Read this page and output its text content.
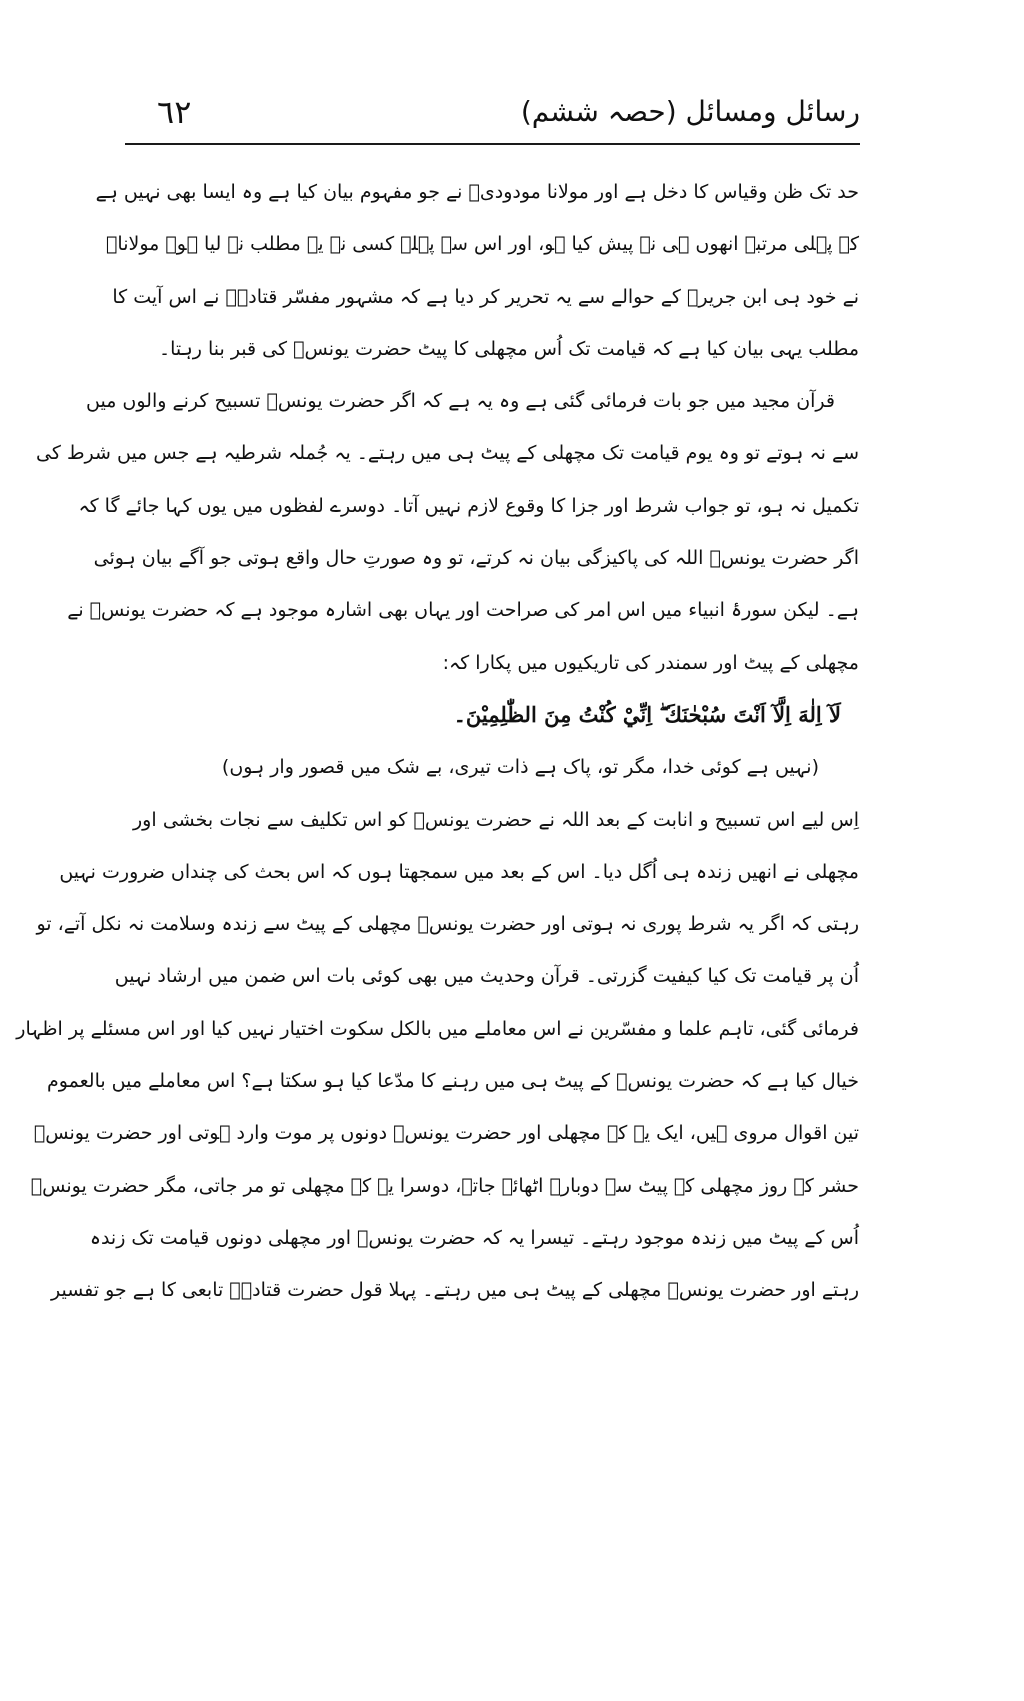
رسائل ومسائل (حصہ ششم)
٦٢
حد تک ظن وقیاس کا دخل ہے اور مولانا مودودیؒ نے جو مفہوم بیان کیا ہے وہ ایسا بھی نہیں ہے
کہ پہلی مرتبہ انھوں ہی نے پیش کیا ہو، اور اس سے پہلے کسی نے یہ مطلب نہ لیا ہو۔ مولاناؒ
نے خود ہی ابن جریرؒ کے حوالے سے یہ تحریر کر دیا ہے کہ مشہور مفسّر قتادہؒ نے اس آیت کا
مطلب یہی بیان کیا ہے کہ قیامت تک اُس مچھلی کا پیٹ حضرت یونسؑ کی قبر بنا رہتا۔
قرآن مجید میں جو بات فرمائی گئی ہے وہ یہ ہے کہ اگر حضرت یونسؑ تسبیح کرنے والوں میں
سے نہ ہوتے تو وہ یوم قیامت تک مچھلی کے پیٹ ہی میں رہتے۔ یہ جُملہ شرطیہ ہے جس میں شرط کی
تکمیل نہ ہو، تو جواب شرط اور جزا کا وقوع لازم نہیں آتا۔ دوسرے لفظوں میں یوں کہا جائے گا کہ
اگر حضرت یونسؑ اللہ کی پاکیزگی بیان نہ کرتے، تو وہ صورتِ حال واقع ہوتی جو آگے بیان ہوئی
ہے۔ لیکن سورۂ انبیاء میں اس امر کی صراحت اور یہاں بھی اشارہ موجود ہے کہ حضرت یونسؑ نے
مچھلی کے پیٹ اور سمندر کی تاریکیوں میں پکارا کہ:
لَآ اِلٰهَ اِلَّآ اَنْتَ سُبْحٰنَكَ ۖ اِنِّيْ كُنْتُ مِنَ الظّٰلِمِيْنَ۔
(نہیں ہے کوئی خدا، مگر تو، پاک ہے ذات تیری، بے شک میں قصور وار ہوں)
اِس لیے اس تسبیح و انابت کے بعد اللہ نے حضرت یونسؑ کو اس تکلیف سے نجات بخشی اور
مچھلی نے انھیں زندہ ہی اُگل دیا۔ اس کے بعد میں سمجھتا ہوں کہ اس بحث کی چنداں ضرورت نہیں
رہتی کہ اگر یہ شرط پوری نہ ہوتی اور حضرت یونسؑ مچھلی کے پیٹ سے زندہ وسلامت نہ نکل آتے، تو
اُن پر قیامت تک کیا کیفیت گزرتی۔ قرآن وحدیث میں بھی کوئی بات اس ضمن میں ارشاد نہیں
فرمائی گئی، تاہم علما و مفسّرین نے اس معاملے میں بالکل سکوت اختیار نہیں کیا اور اس مسئلے پر اظہار
خیال کیا ہے کہ حضرت یونسؑ کے پیٹ ہی میں رہنے کا مدّعا کیا ہو سکتا ہے؟ اس معاملے میں بالعموم
تین اقوال مروی ہیں، ایک یہ کہ مچھلی اور حضرت یونسؑ دونوں پر موت وارد ہوتی اور حضرت یونسؑ
حشر کے روز مچھلی کے پیٹ سے دوبارہ اٹھائے جاتے، دوسرا یہ کہ مچھلی تو مر جاتی، مگر حضرت یونسؑ
اُس کے پیٹ میں زندہ موجود رہتے۔ تیسرا یہ کہ حضرت یونسؑ اور مچھلی دونوں قیامت تک زندہ
رہتے اور حضرت یونسؑ مچھلی کے پیٹ ہی میں رہتے۔ پہلا قول حضرت قتادہؒ تابعی کا ہے جو تفسیر
